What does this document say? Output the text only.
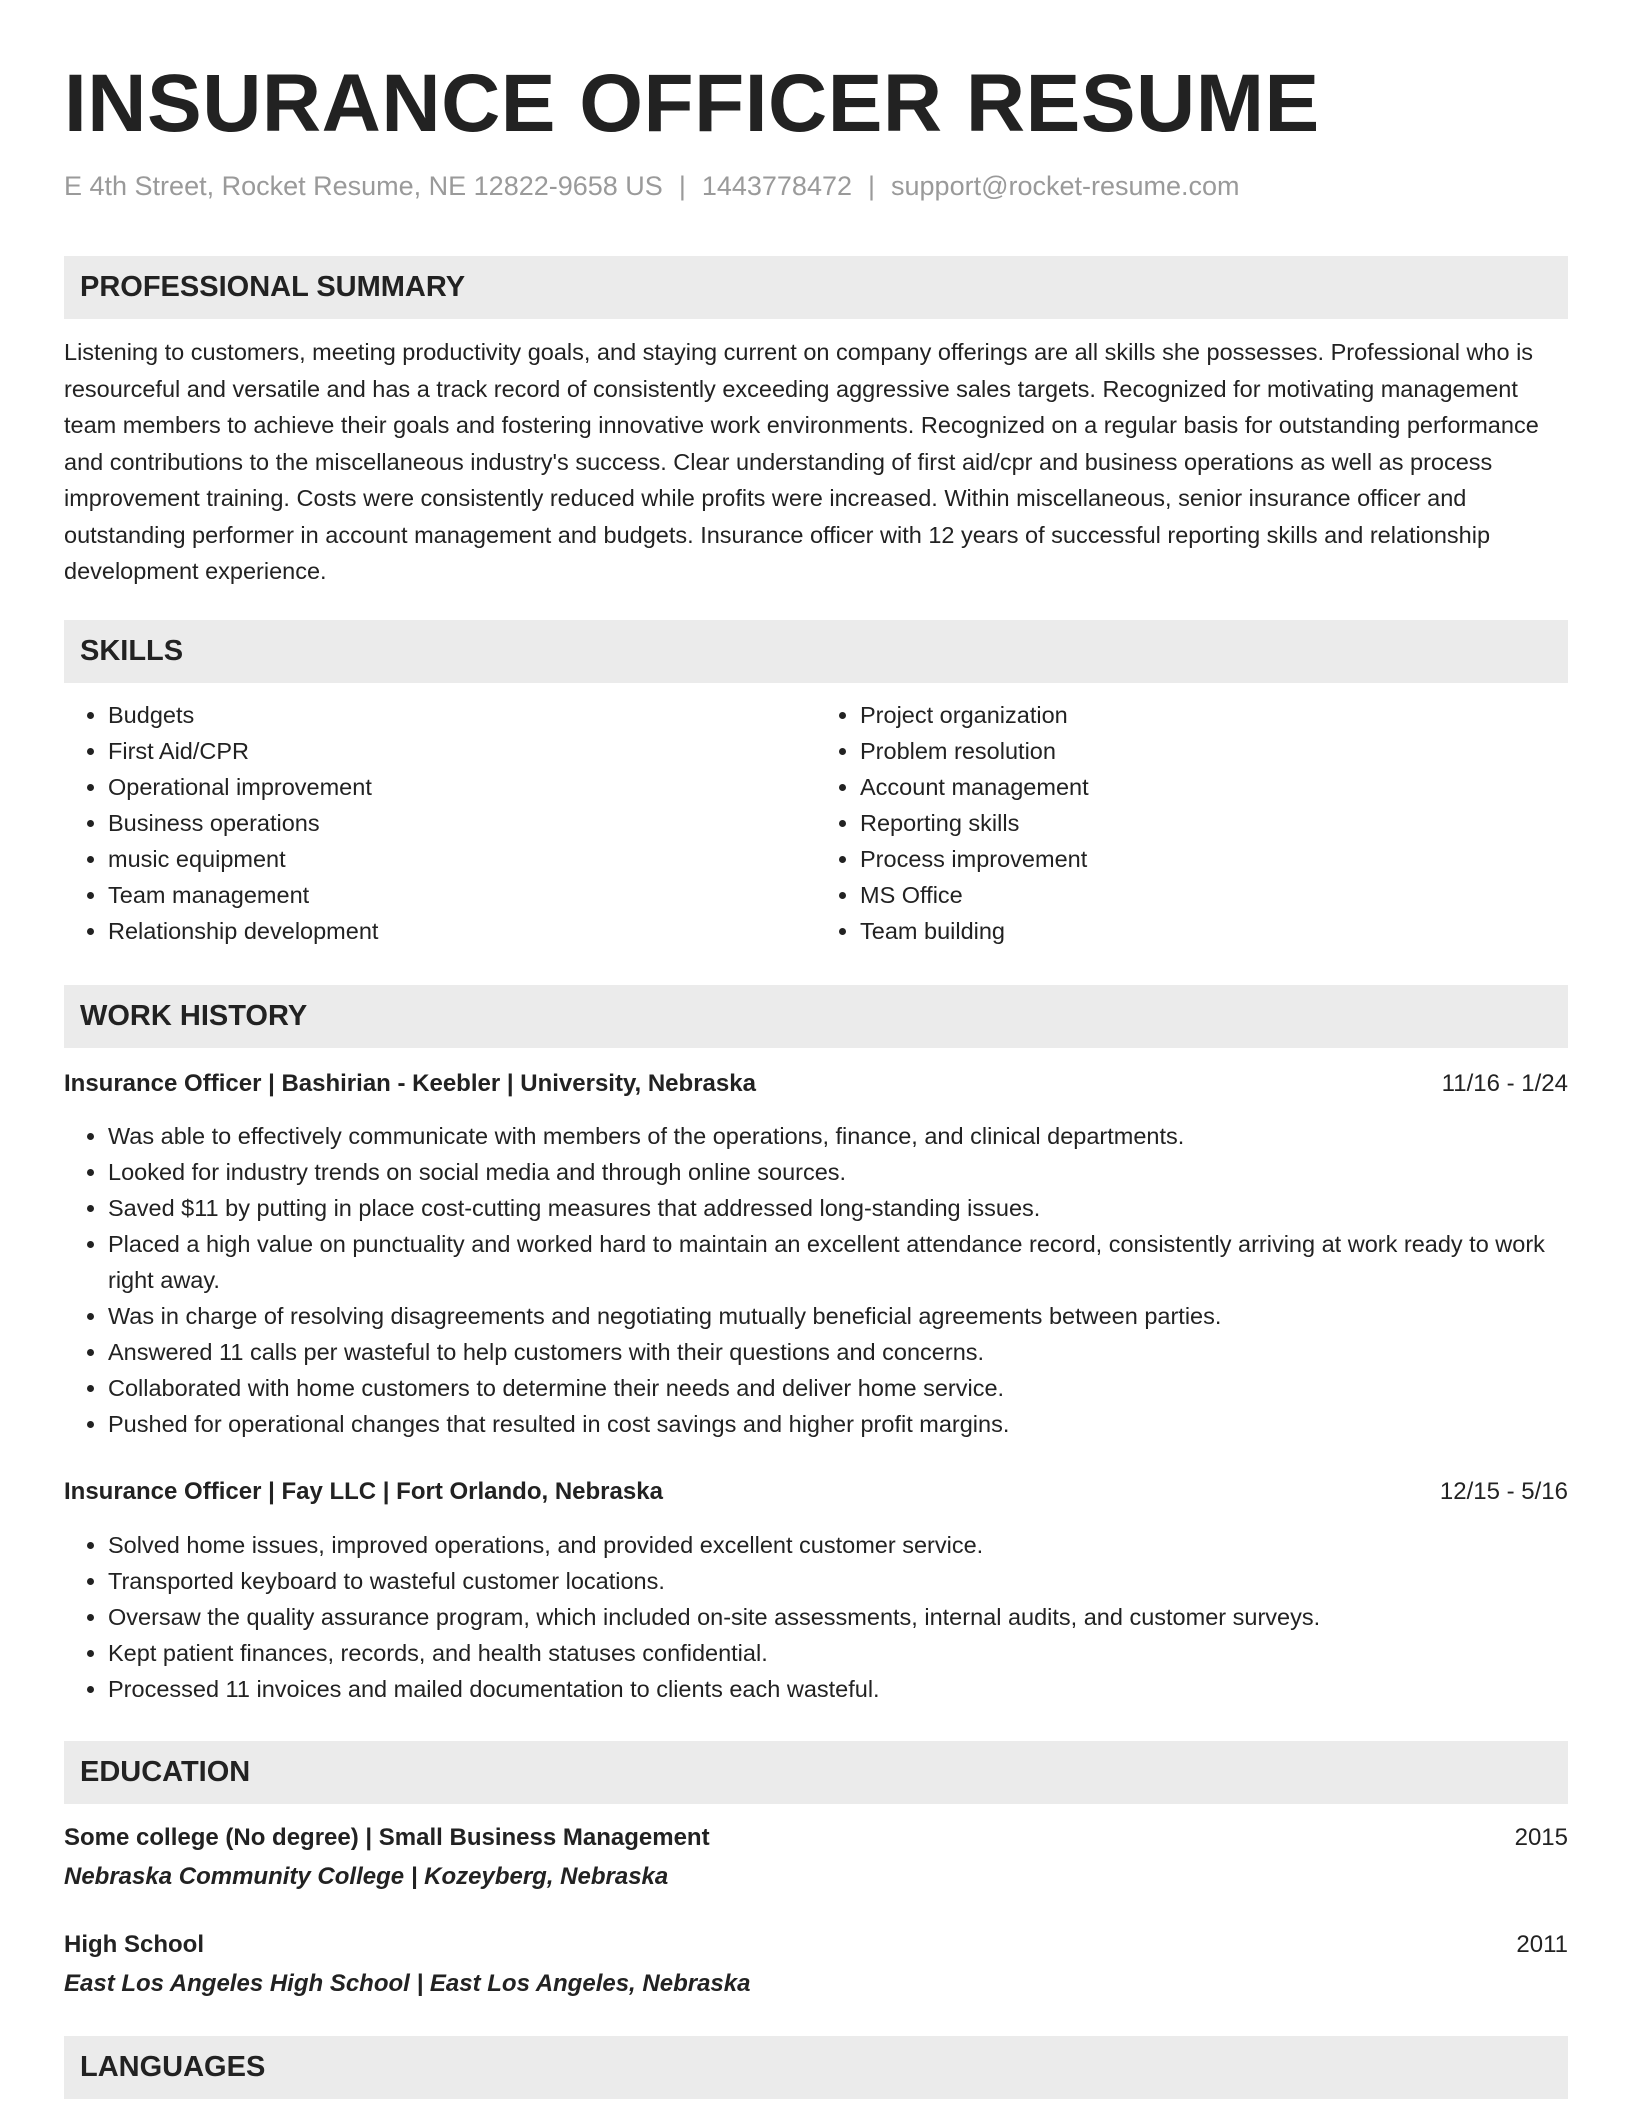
INSURANCE OFFICER RESUME
E 4th Street, Rocket Resume, NE 12822-9658 US | 1443778472 | support@rocket-resume.com
PROFESSIONAL SUMMARY

Listening to customers, meeting productivity goals, and staying current on company offerings are all skills she possesses. Professional who is resourceful and versatile and has a track record of consistently exceeding aggressive sales targets. Recognized for motivating management team members to achieve their goals and fostering innovative work environments. Recognized on a regular basis for outstanding performance and contributions to the miscellaneous industry's success. Clear understanding of first aid/cpr and business operations as well as process improvement training. Costs were consistently reduced while profits were increased. Within miscellaneous, senior insurance officer and outstanding performer in account management and budgets. Insurance officer with 12 years of successful reporting skills and relationship development experience.

SKILLS
• Budgets
• First Aid/CPR
• Operational improvement
• Business operations
• music equipment
• Team management
• Relationship development
• Project organization
• Problem resolution
• Account management
• Reporting skills
• Process improvement
• MS Office
• Team building
WORK HISTORY
Insurance Officer | Bashirian - Keebler | University, Nebraska	11/16 - 1/24
• Was able to effectively communicate with members of the operations, finance, and clinical departments.
• Looked for industry trends on social media and through online sources.
• Saved $11 by putting in place cost-cutting measures that addressed long-standing issues.
• Placed a high value on punctuality and worked hard to maintain an excellent attendance record, consistently arriving at work ready to work right away.
• Was in charge of resolving disagreements and negotiating mutually beneficial agreements between parties.
• Answered 11 calls per wasteful to help customers with their questions and concerns.
• Collaborated with home customers to determine their needs and deliver home service.
• Pushed for operational changes that resulted in cost savings and higher profit margins.
Insurance Officer | Fay LLC | Fort Orlando, Nebraska	12/15 - 5/16
• Solved home issues, improved operations, and provided excellent customer service.
• Transported keyboard to wasteful customer locations.
• Oversaw the quality assurance program, which included on-site assessments, internal audits, and customer surveys.
• Kept patient finances, records, and health statuses confidential.
• Processed 11 invoices and mailed documentation to clients each wasteful.
EDUCATION
Some college (No degree) | Small Business Management	2015
Nebraska Community College | Kozeyberg, Nebraska
High School	2011
East Los Angeles High School | East Los Angeles, Nebraska
LANGUAGES
